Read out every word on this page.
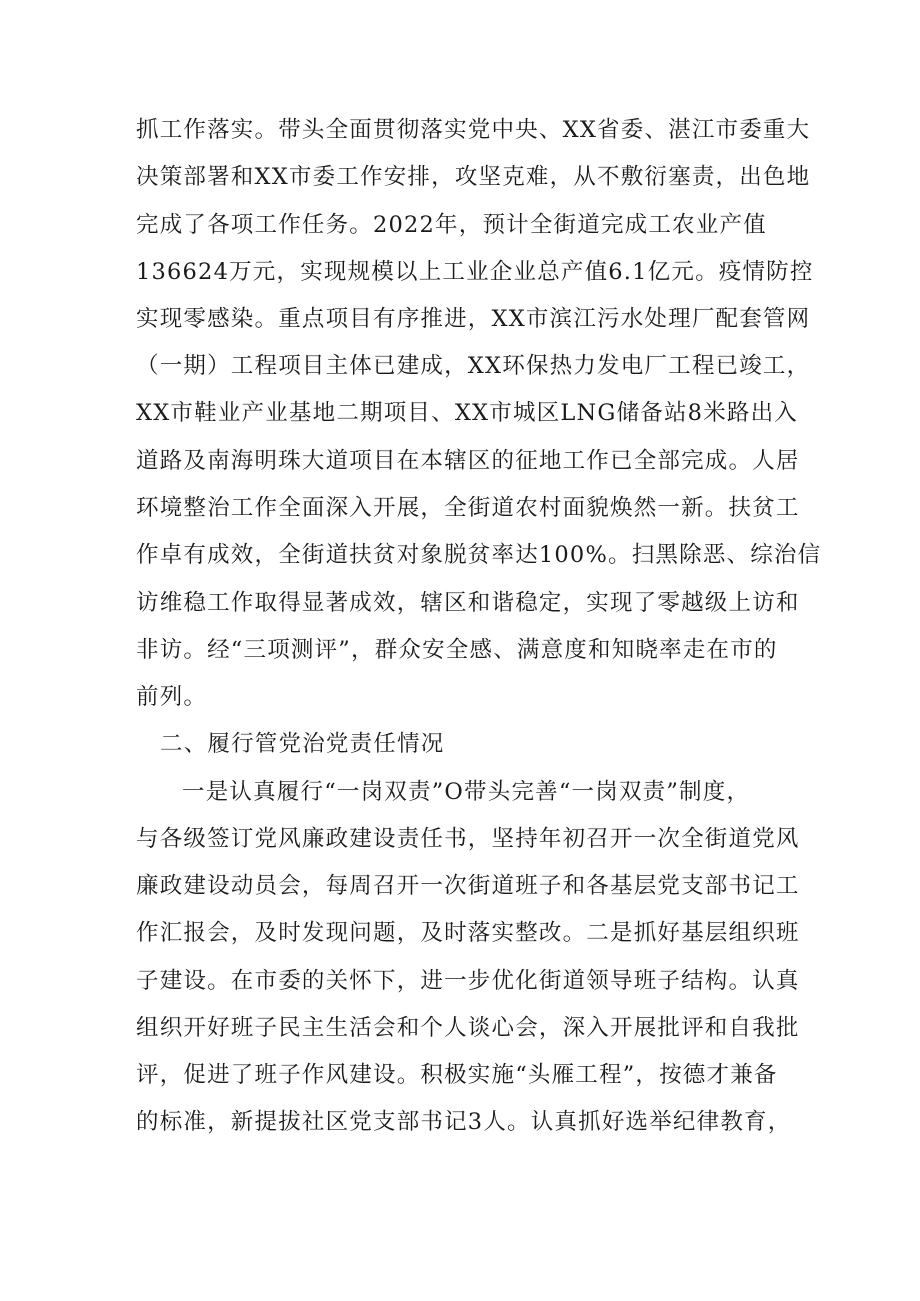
抓工作落实。带头全面贯彻落实党中央、XX省委、湛江市委重大
决策部署和XX市委工作安排，攻坚克难，从不敷衍塞责，出色地
完成了各项工作任务。2022年，预计全街道完成工农业产值
136624万元，实现规模以上工业企业总产值6.1亿元。疫情防控
实现零感染。重点项目有序推进，XX市滨江污水处理厂配套管网
（一期）工程项目主体已建成，XX环保热力发电厂工程已竣工，
XX市鞋业产业基地二期项目、XX市城区LNG储备站8米路出入
道路及南海明珠大道项目在本辖区的征地工作已全部完成。人居
环境整治工作全面深入开展，全街道农村面貌焕然一新。扶贫工
作卓有成效，全街道扶贫对象脱贫率达100%。扫黑除恶、综治信
访维稳工作取得显著成效，辖区和谐稳定，实现了零越级上访和
非访。经“三项测评”，群众安全感、满意度和知晓率走在市的
前列。
二、履行管党治党责任情况
一是认真履行“一岗双责”O带头完善“一岗双责”制度，
与各级签订党风廉政建设责任书，坚持年初召开一次全街道党风
廉政建设动员会，每周召开一次街道班子和各基层党支部书记工
作汇报会，及时发现问题，及时落实整改。二是抓好基层组织班
子建设。在市委的关怀下，进一步优化街道领导班子结构。认真
组织开好班子民主生活会和个人谈心会，深入开展批评和自我批
评，促进了班子作风建设。积极实施“头雁工程”，按德才兼备
的标准，新提拔社区党支部书记3人。认真抓好选举纪律教育，
